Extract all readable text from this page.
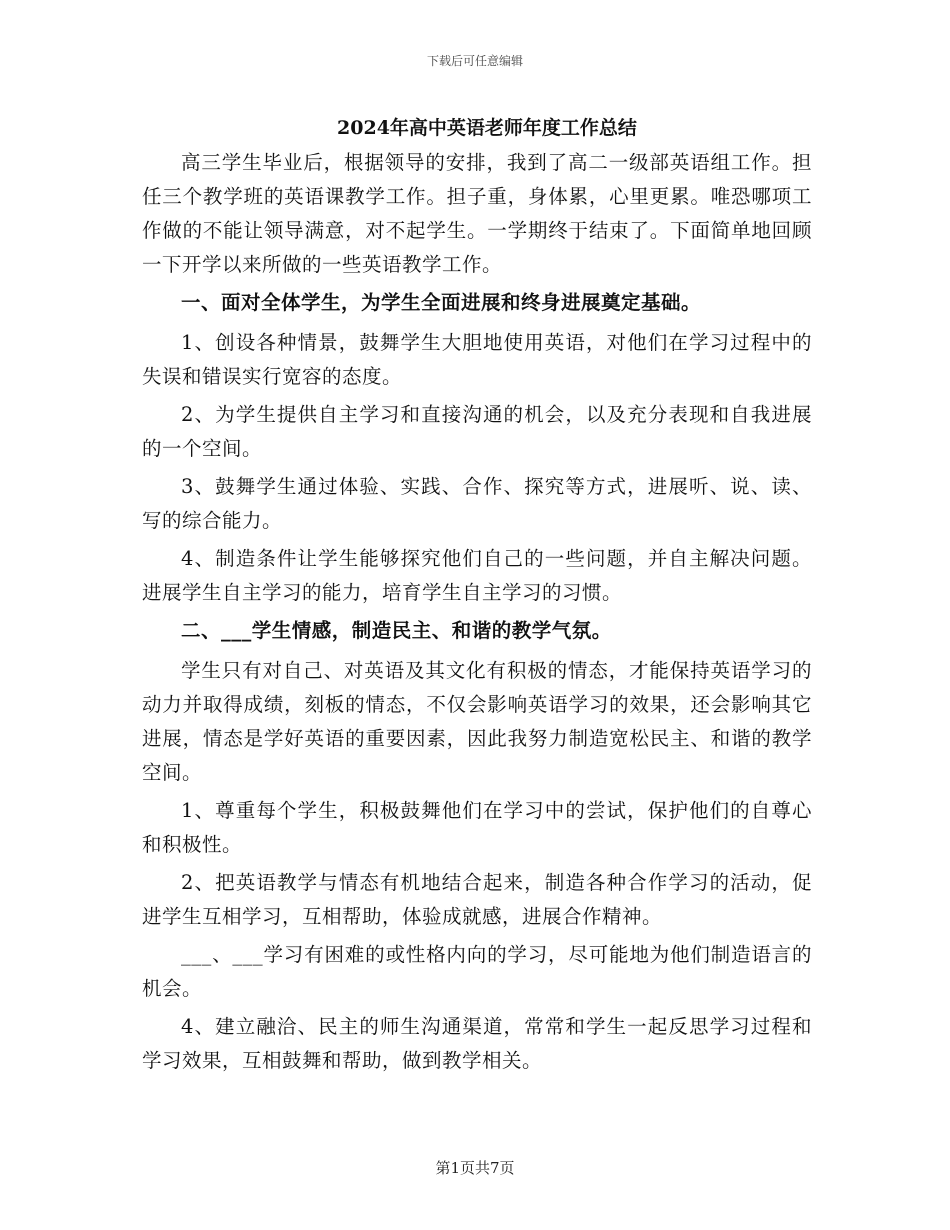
下载后可任意编辑
2024年高中英语老师年度工作总结

高三学生毕业后，根据领导的安排，我到了高二一级部英语组工作。担任三个教学班的英语课教学工作。担子重，身体累，心里更累。唯恐哪项工作做的不能让领导满意，对不起学生。一学期终于结束了。下面简单地回顾一下开学以来所做的一些英语教学工作。

一、面对全体学生，为学生全面进展和终身进展奠定基础。

1、创设各种情景，鼓舞学生大胆地使用英语，对他们在学习过程中的失误和错误实行宽容的态度。

2、为学生提供自主学习和直接沟通的机会，以及充分表现和自我进展的一个空间。

3、鼓舞学生通过体验、实践、合作、探究等方式，进展听、说、读、写的综合能力。

4、制造条件让学生能够探究他们自己的一些问题，并自主解决问题。进展学生自主学习的能力，培育学生自主学习的习惯。

二、___学生情感，制造民主、和谐的教学气氛。

学生只有对自己、对英语及其文化有积极的情态，才能保持英语学习的动力并取得成绩，刻板的情态，不仅会影响英语学习的效果，还会影响其它进展，情态是学好英语的重要因素，因此我努力制造宽松民主、和谐的教学空间。

1、尊重每个学生，积极鼓舞他们在学习中的尝试，保护他们的自尊心和积极性。

2、把英语教学与情态有机地结合起来，制造各种合作学习的活动，促进学生互相学习，互相帮助，体验成就感，进展合作精神。

___、___学习有困难的或性格内向的学习，尽可能地为他们制造语言的机会。

4、建立融洽、民主的师生沟通渠道，常常和学生一起反思学习过程和学习效果，互相鼓舞和帮助，做到教学相关。

第1页共7页
